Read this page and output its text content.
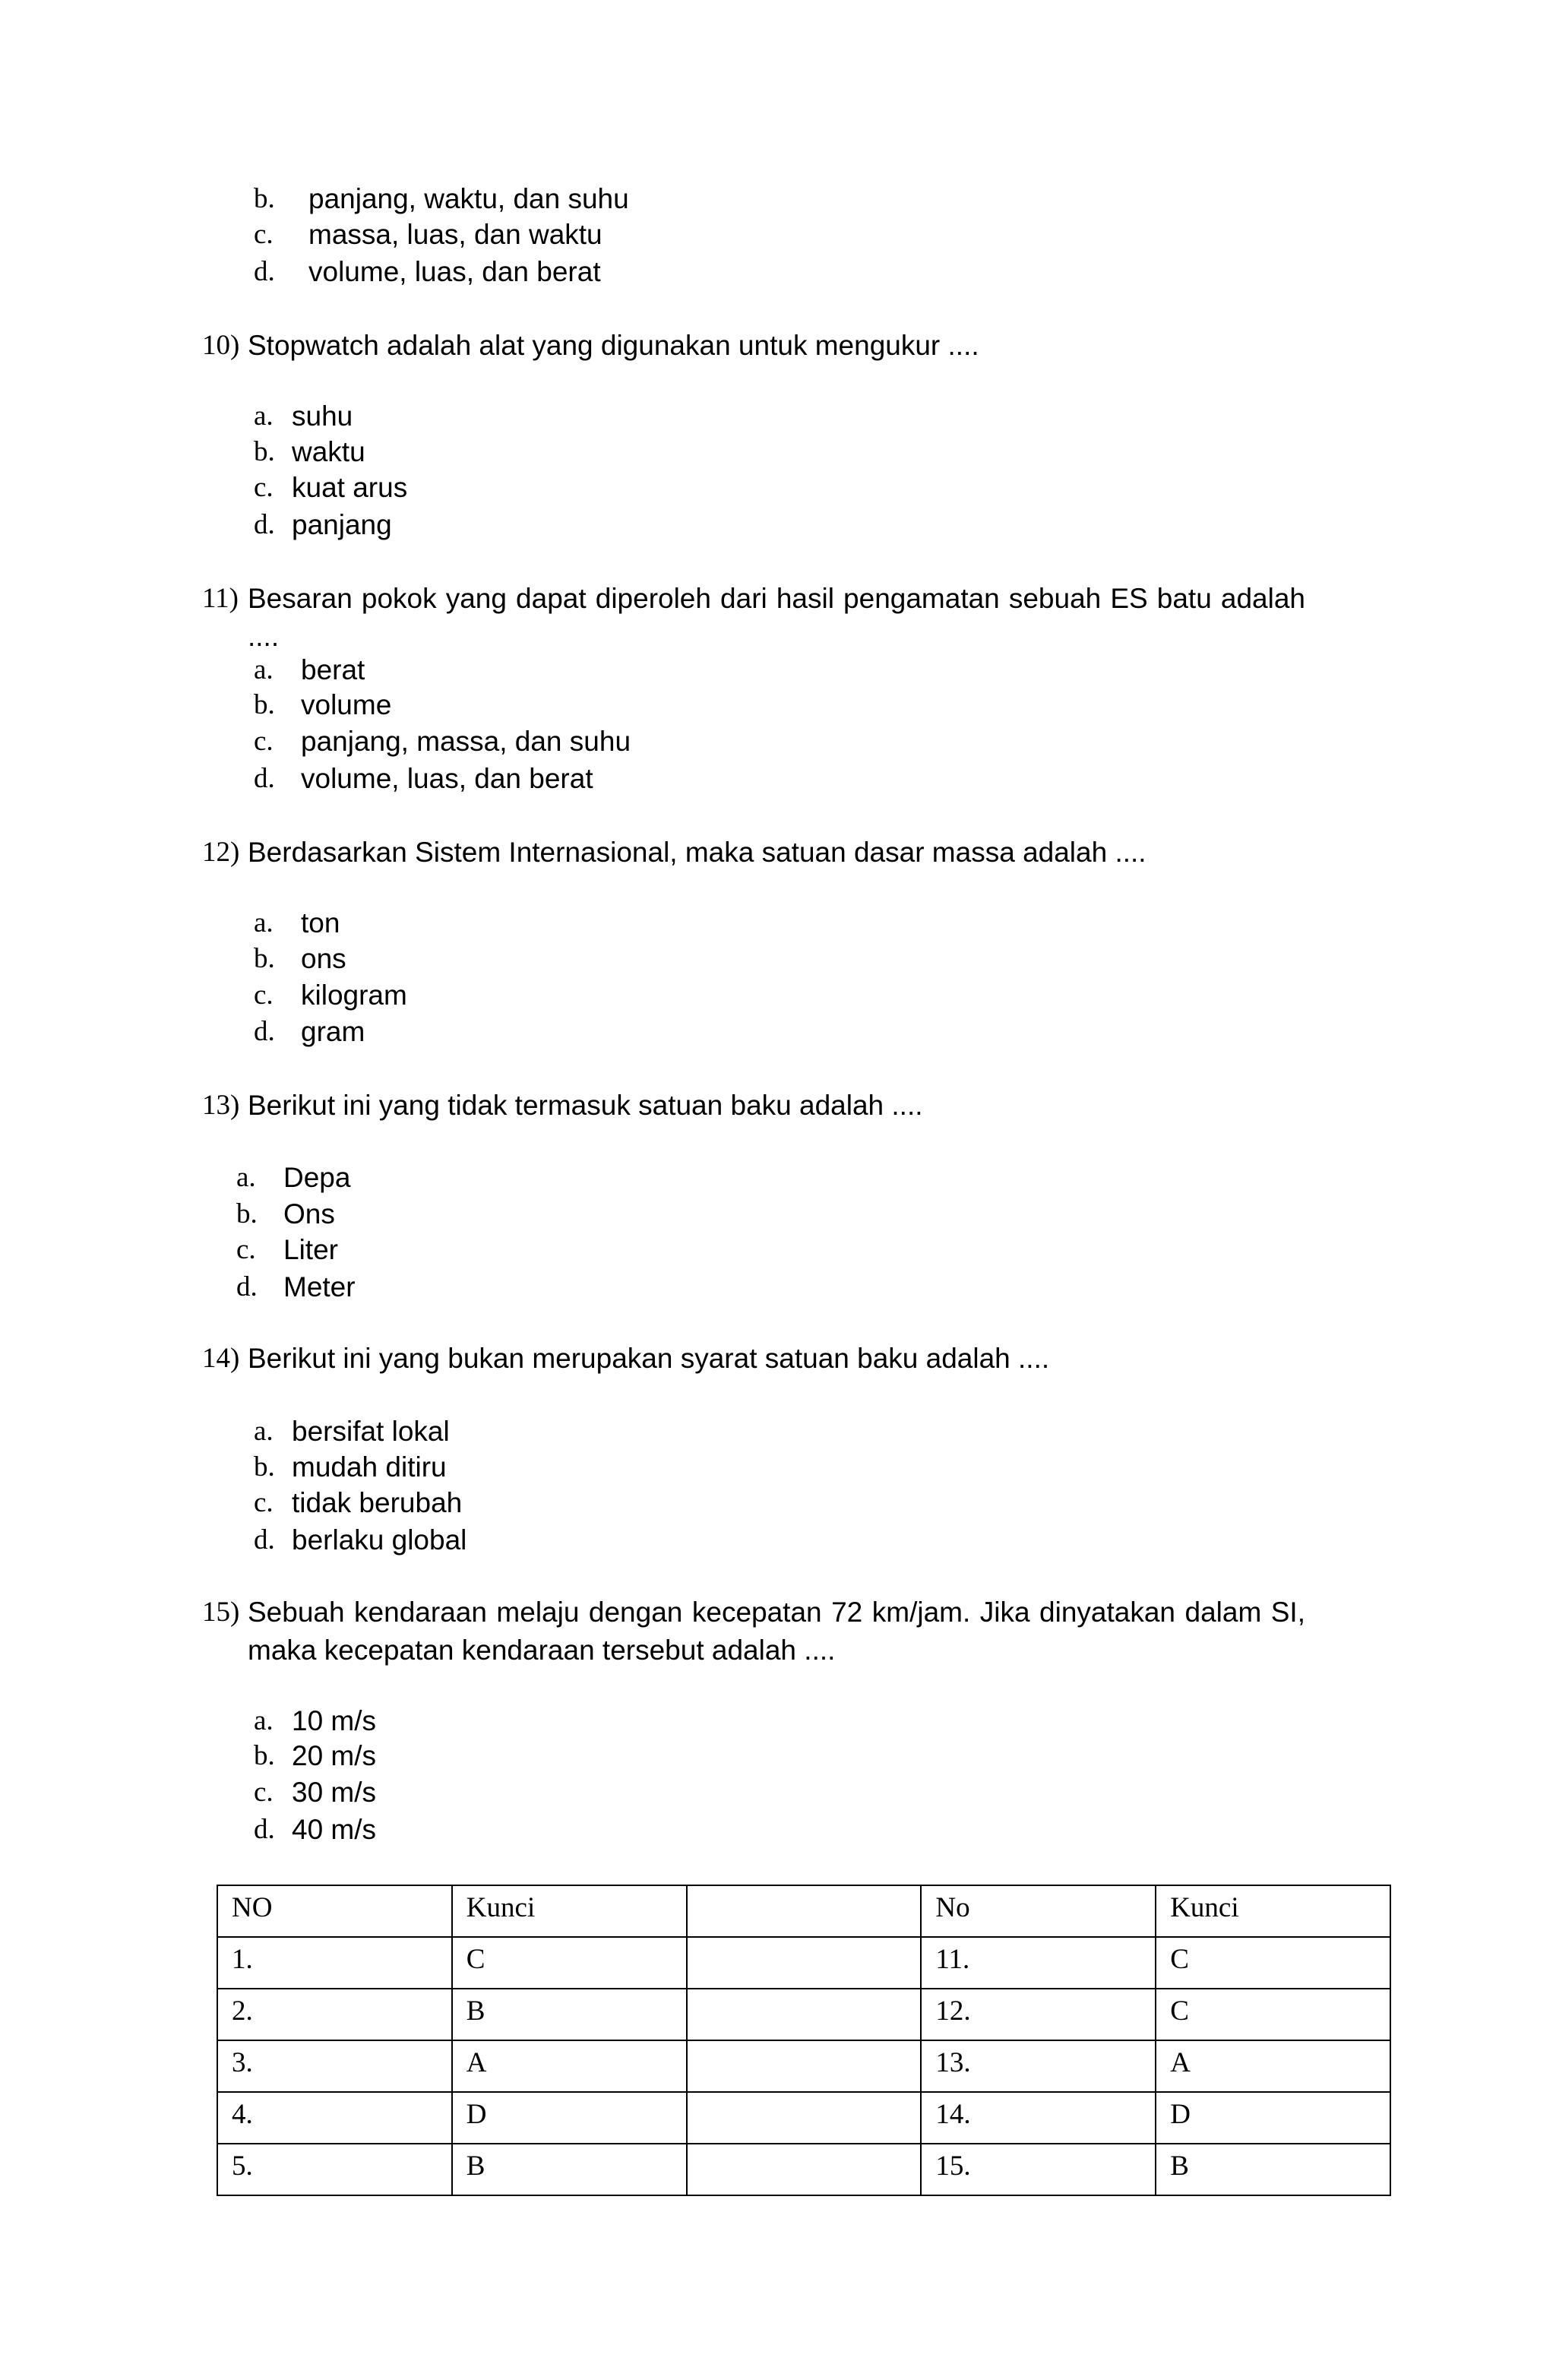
b. panjang, waktu, dan suhu
c. massa, luas, dan waktu
d. volume, luas, dan berat
10) Stopwatch adalah alat yang digunakan untuk mengukur ....
a. suhu
b. waktu
c. kuat arus
d. panjang
11) Besaran pokok yang dapat diperoleh dari hasil pengamatan sebuah ES batu adalah ....
a. berat
b. volume
c. panjang, massa, dan suhu
d. volume, luas, dan berat
12) Berdasarkan Sistem Internasional, maka satuan dasar massa adalah ....
a. ton
b. ons
c. kilogram
d. gram
13) Berikut ini yang tidak termasuk satuan baku adalah ....
a. Depa
b. Ons
c. Liter
d. Meter
14) Berikut ini yang bukan merupakan syarat satuan baku adalah ....
a. bersifat lokal
b. mudah ditiru
c. tidak berubah
d. berlaku global
15) Sebuah kendaraan melaju dengan kecepatan 72 km/jam. Jika dinyatakan dalam SI, maka kecepatan kendaraan tersebut adalah ....
a. 10 m/s
b. 20 m/s
c. 30 m/s
d. 40 m/s
NO	Kunci		No	Kunci
1.	C		11.	C
2.	B		12.	C
3.	A		13.	A
4.	D		14.	D
5.	B		15.	B
